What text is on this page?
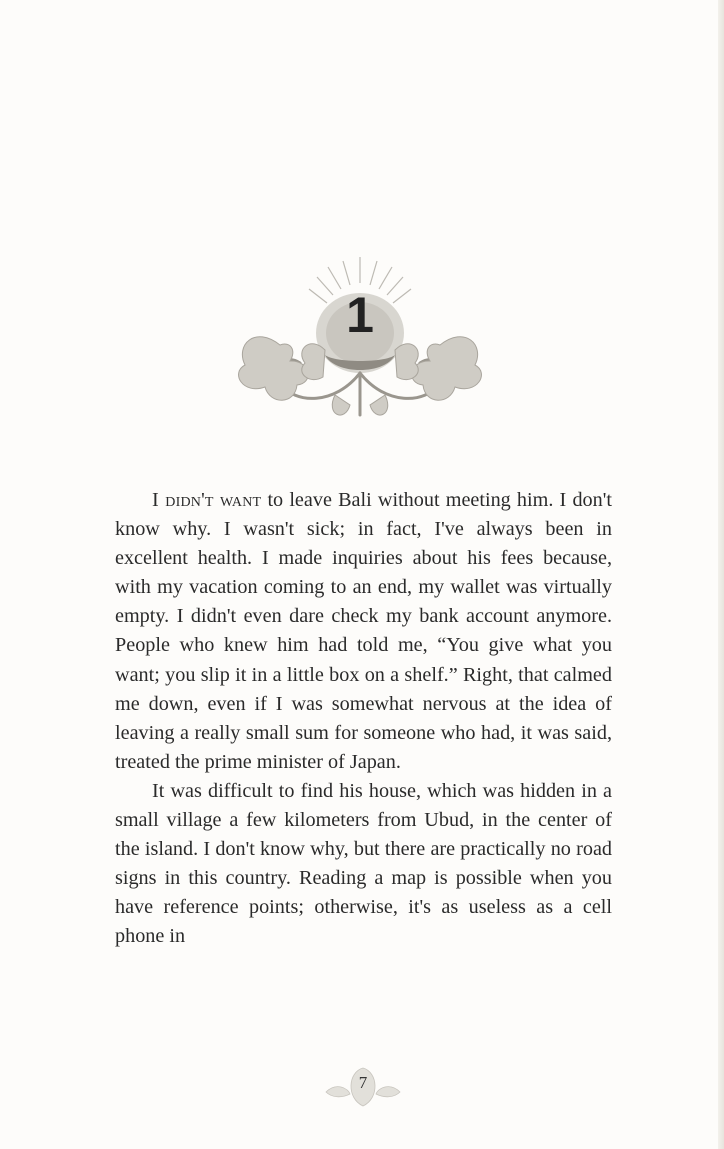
1

I didn't want to leave Bali without meeting him. I don't know why. I wasn't sick; in fact, I've always been in excellent health. I made inquiries about his fees because, with my vacation coming to an end, my wallet was virtually empty. I didn't even dare check my bank account anymore. People who knew him had told me, “You give what you want; you slip it in a little box on a shelf.” Right, that calmed me down, even if I was somewhat nervous at the idea of leaving a really small sum for someone who had, it was said, treated the prime minister of Japan.

It was difficult to find his house, which was hidden in a small village a few kilometers from Ubud, in the center of the island. I don't know why, but there are practically no road signs in this country. Reading a map is possible when you have reference points; otherwise, it's as useless as a cell phone in

7
